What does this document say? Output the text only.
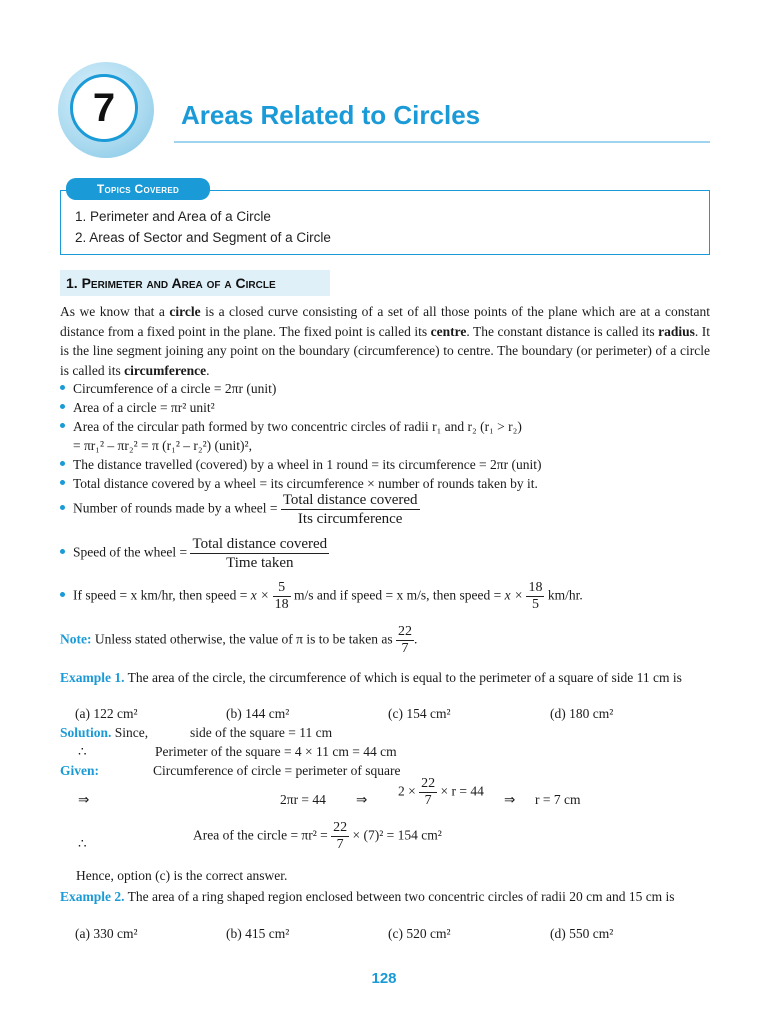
7	Areas Related to Circles
Topics Covered
1. Perimeter and Area of a Circle
2. Areas of Sector and Segment of a Circle
1. Perimeter and Area of a Circle
As we know that a circle is a closed curve consisting of a set of all those points of the plane which are at a constant distance from a fixed point in the plane. The fixed point is called its centre. The constant distance is called its radius. It is the line segment joining any point on the boundary (circumference) to centre. The boundary (or perimeter) of a circle is called its circumference.
Circumference of a circle = 2πr (unit)
Area of a circle = πr² unit²
Area of the circular path formed by two concentric circles of radii r₁ and r₂ (r₁ > r₂)
= πr₁² – πr₂² = π (r₁² – r₂²) (unit)²,
The distance travelled (covered) by a wheel in 1 round = its circumference = 2πr (unit)
Total distance covered by a wheel = its circumference × number of rounds taken by it.
Number of rounds made by a wheel = $\frac{\text{Total distance covered}}{\text{Its circumference}}$
Speed of the wheel = $\frac{\text{Total distance covered}}{\text{Time taken}}$
If speed = x km/hr, then speed = $x \times \frac{5}{18} m/s$ and if speed = x m/s, then speed = $x \times \frac{18}{5} km/hr$.
Note: Unless stated otherwise, the value of π is to be taken as $\frac{22}{7}$ .
Example 1. The area of the circle, the circumference of which is equal to the perimeter of a square of side 11 cm is
(a) 122 cm²	(b) 144 cm²	(c) 154 cm²	(d) 180 cm²
Solution. Since,	side of the square = 11 cm
∴	Perimeter of the square = 4 × 11 cm = 44 cm
Given:	Circumference of circle = perimeter of square
⇒	2πr = 44 ⇒
$2 \times \frac{22}{7} \times r = 44$
⇒ r = 7 cm
∴
Area of the circle = $\pi r^2 = \frac{22}{7} \times (7)^2 = 154$ cm²
Hence, option (c) is the correct answer.
Example 2. The area of a ring shaped region enclosed between two concentric circles of radii 20 cm and 15 cm is
(a) 330 cm²	(b) 415 cm²	(c) 520 cm²	(d) 550 cm²
128
